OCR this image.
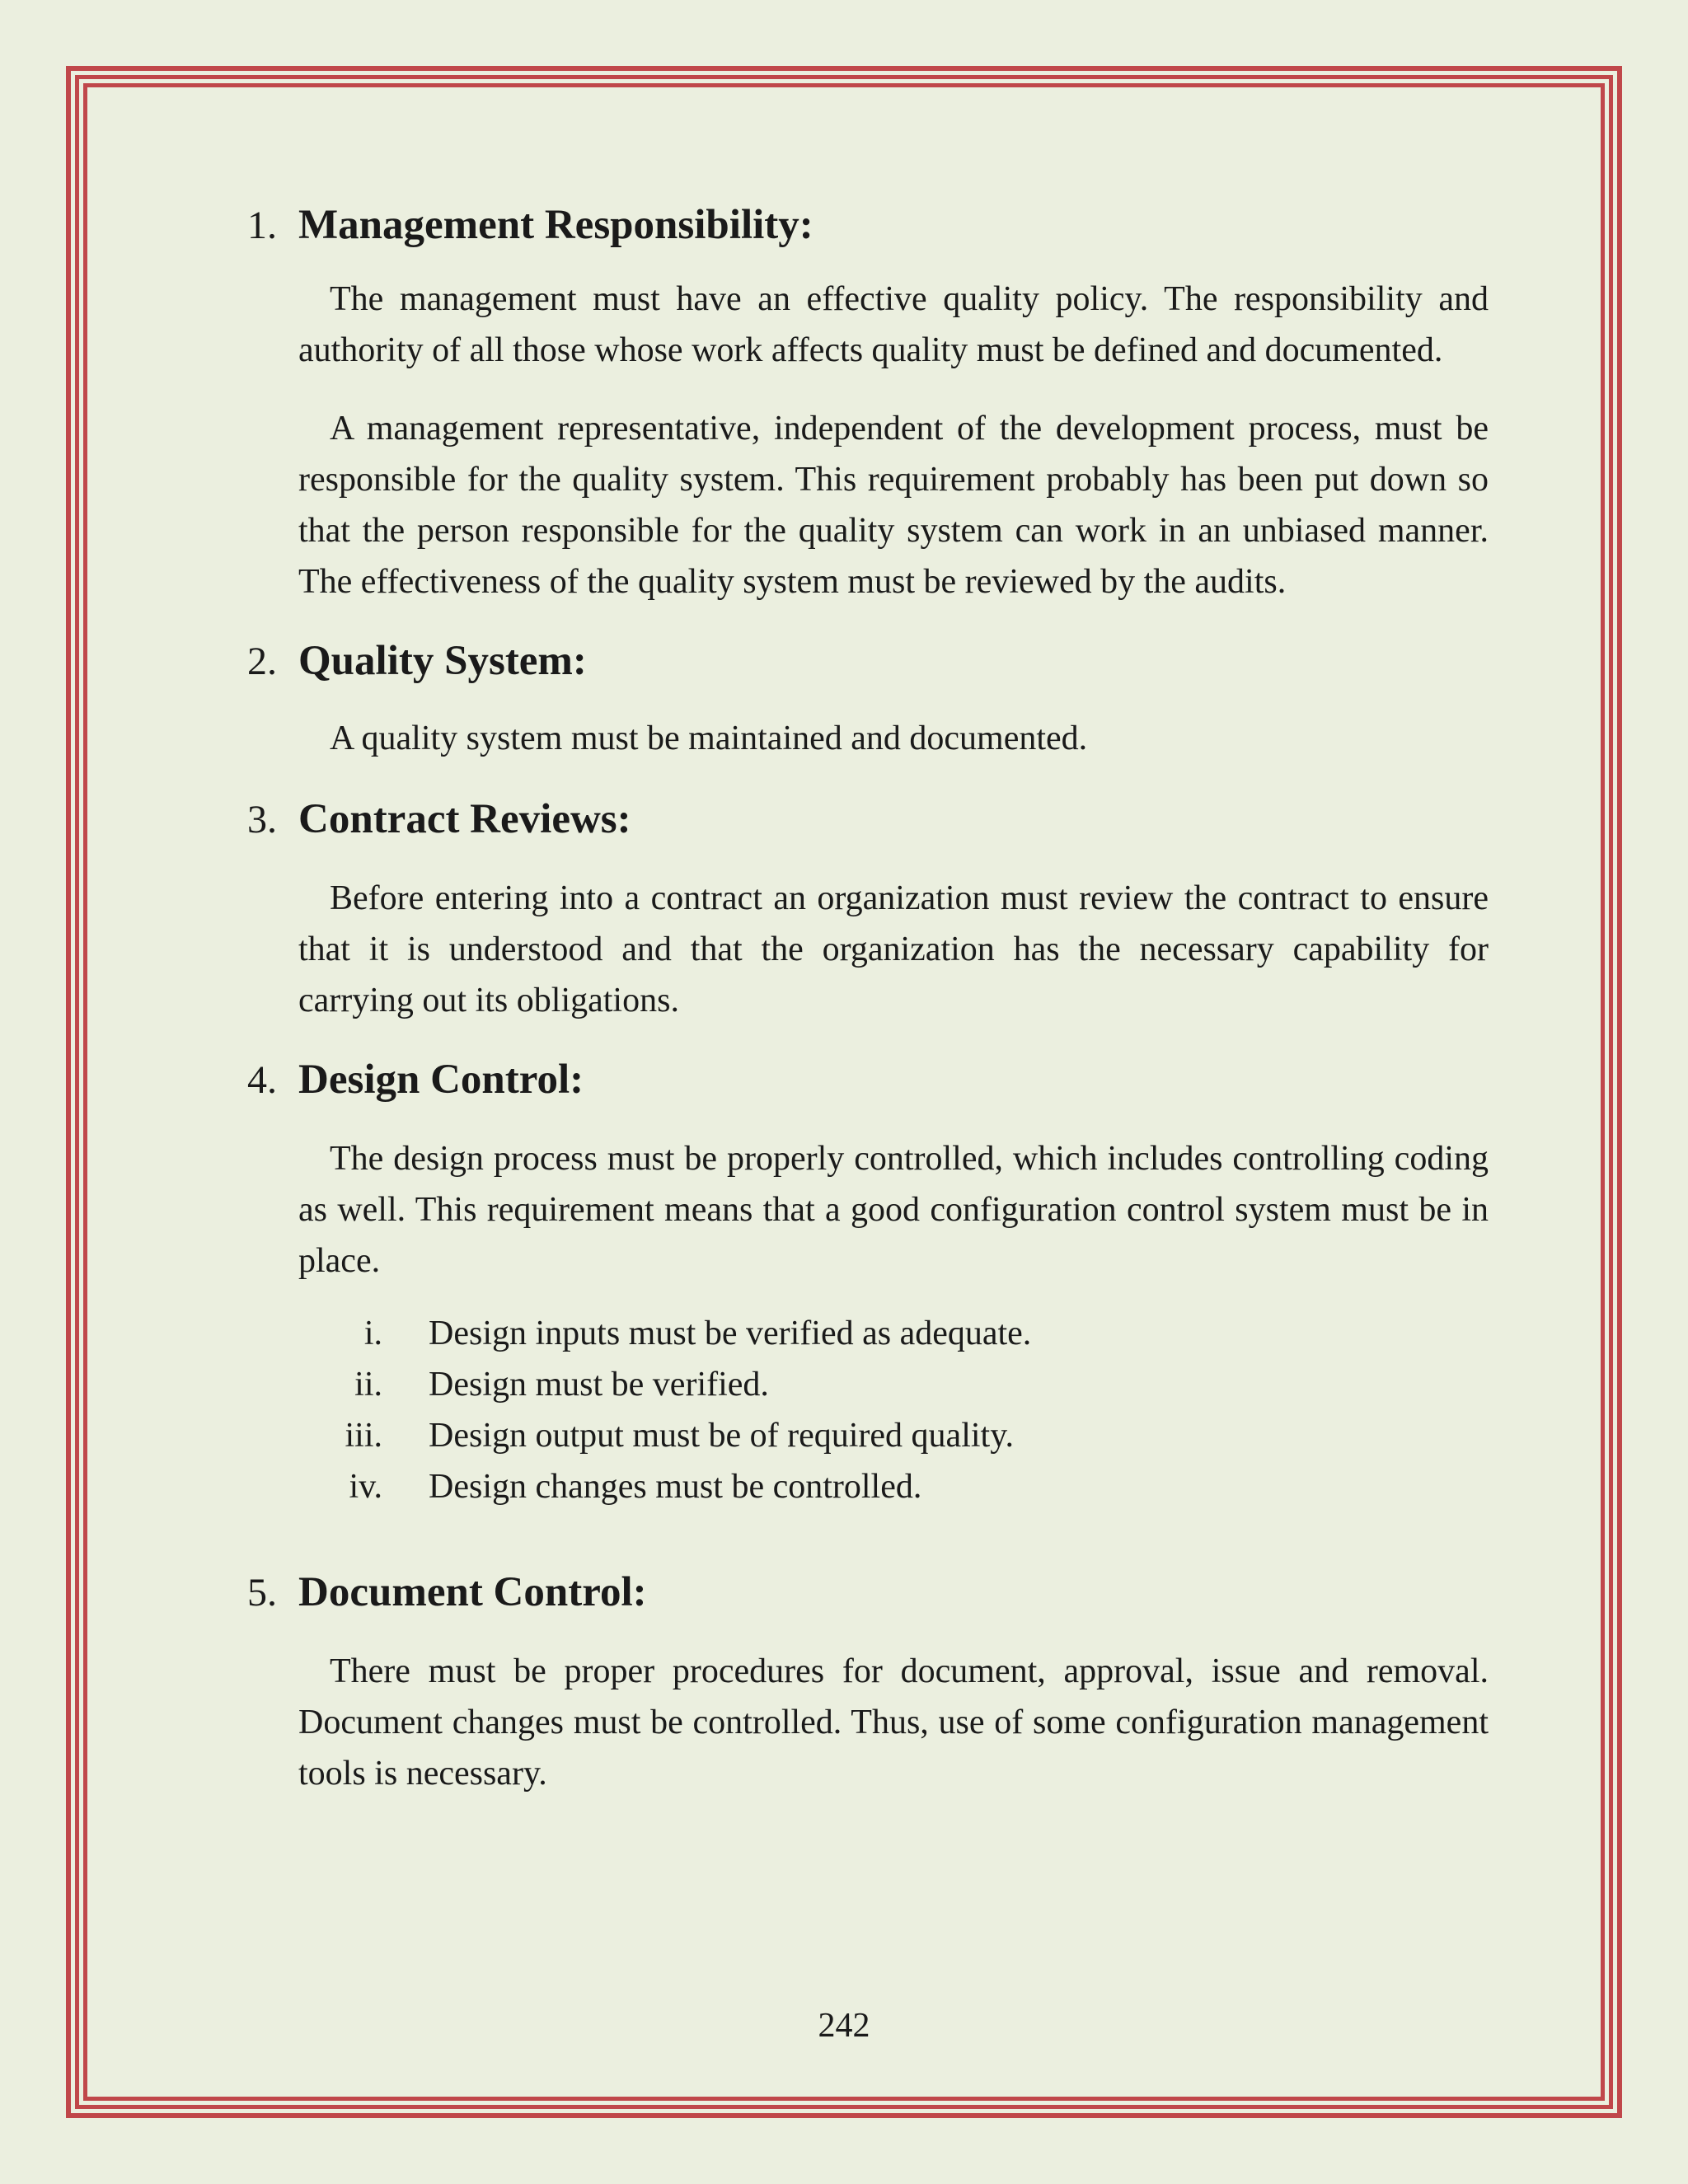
1. Management Responsibility:

The management must have an effective quality policy. The responsibility and authority of all those whose work affects quality must be defined and documented.

A management representative, independent of the development process, must be responsible for the quality system. This requirement probably has been put down so that the person responsible for the quality system can work in an unbiased manner. The effectiveness of the quality system must be reviewed by the audits.

2. Quality System:

A quality system must be maintained and documented.

3. Contract Reviews:

Before entering into a contract an organization must review the contract to ensure that it is understood and that the organization has the necessary capability for carrying out its obligations.

4. Design Control:

The design process must be properly controlled, which includes controlling coding as well. This requirement means that a good configuration control system must be in place.

i.	Design inputs must be verified as adequate.
ii.	Design must be verified.
iii.	Design output must be of required quality.
iv.	Design changes must be controlled.
5. Document Control:

There must be proper procedures for document, approval, issue and removal. Document changes must be controlled. Thus, use of some configuration management tools is necessary.

242
